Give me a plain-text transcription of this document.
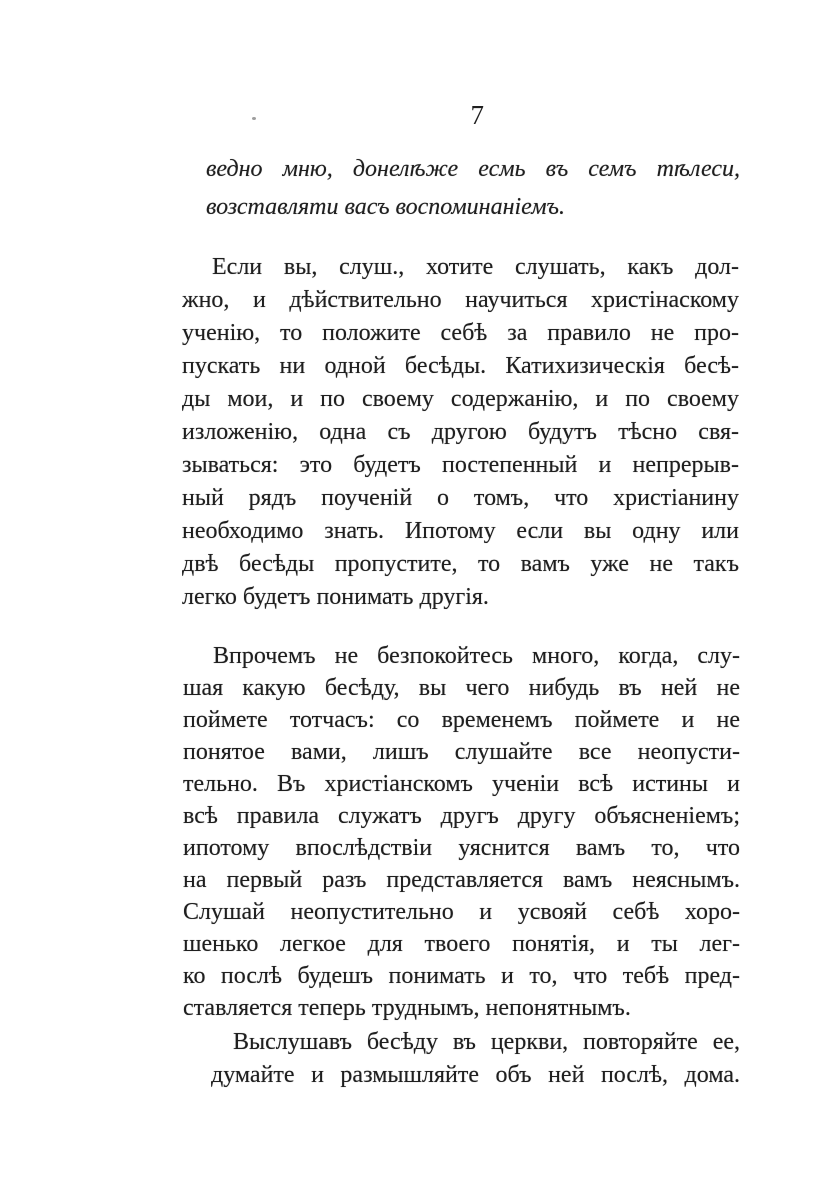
7
ведно мню, донелѣже есмь въ семъ тѣлеси,
возставляти васъ воспоминаніемъ.
Если вы, слуш., хотите слушать, какъ дол-
жно, и дѣйствительно научиться христінаскому
ученію, то положите себѣ за правило не про-
пускать ни одной бесѣды. Катихизическія бесѣ-
ды мои, и по своему содержанію, и по своему
изложенію, одна съ другою будутъ тѣсно свя-
зываться: это будетъ постепенный и непрерыв-
ный рядъ поученій о томъ, что христіанину
необходимо знать. Ипотому если вы одну или
двѣ бесѣды пропустите, то вамъ уже не такъ
легко будетъ понимать другія.
Впрочемъ не безпокойтесь много, когда, слу-
шая какую бесѣду, вы чего нибудь въ ней не
поймете тотчасъ: со временемъ поймете и не
понятое вами, лишъ слушайте все неопусти-
тельно. Въ христіанскомъ ученіи всѣ истины и
всѣ правила служатъ другъ другу объясненіемъ;
ипотому впослѣдствіи уяснится вамъ то, что
на первый разъ представляется вамъ неяснымъ.
Слушай неопустительно и усвояй себѣ хоро-
шенько легкое для твоего понятія, и ты лег-
ко послѣ будешъ понимать и то, что тебѣ пред-
ставляется теперь труднымъ, непонятнымъ.
Выслушавъ бесѣду въ церкви, повторяйте ее,
думайте и размышляйте объ ней послѣ, дома.
